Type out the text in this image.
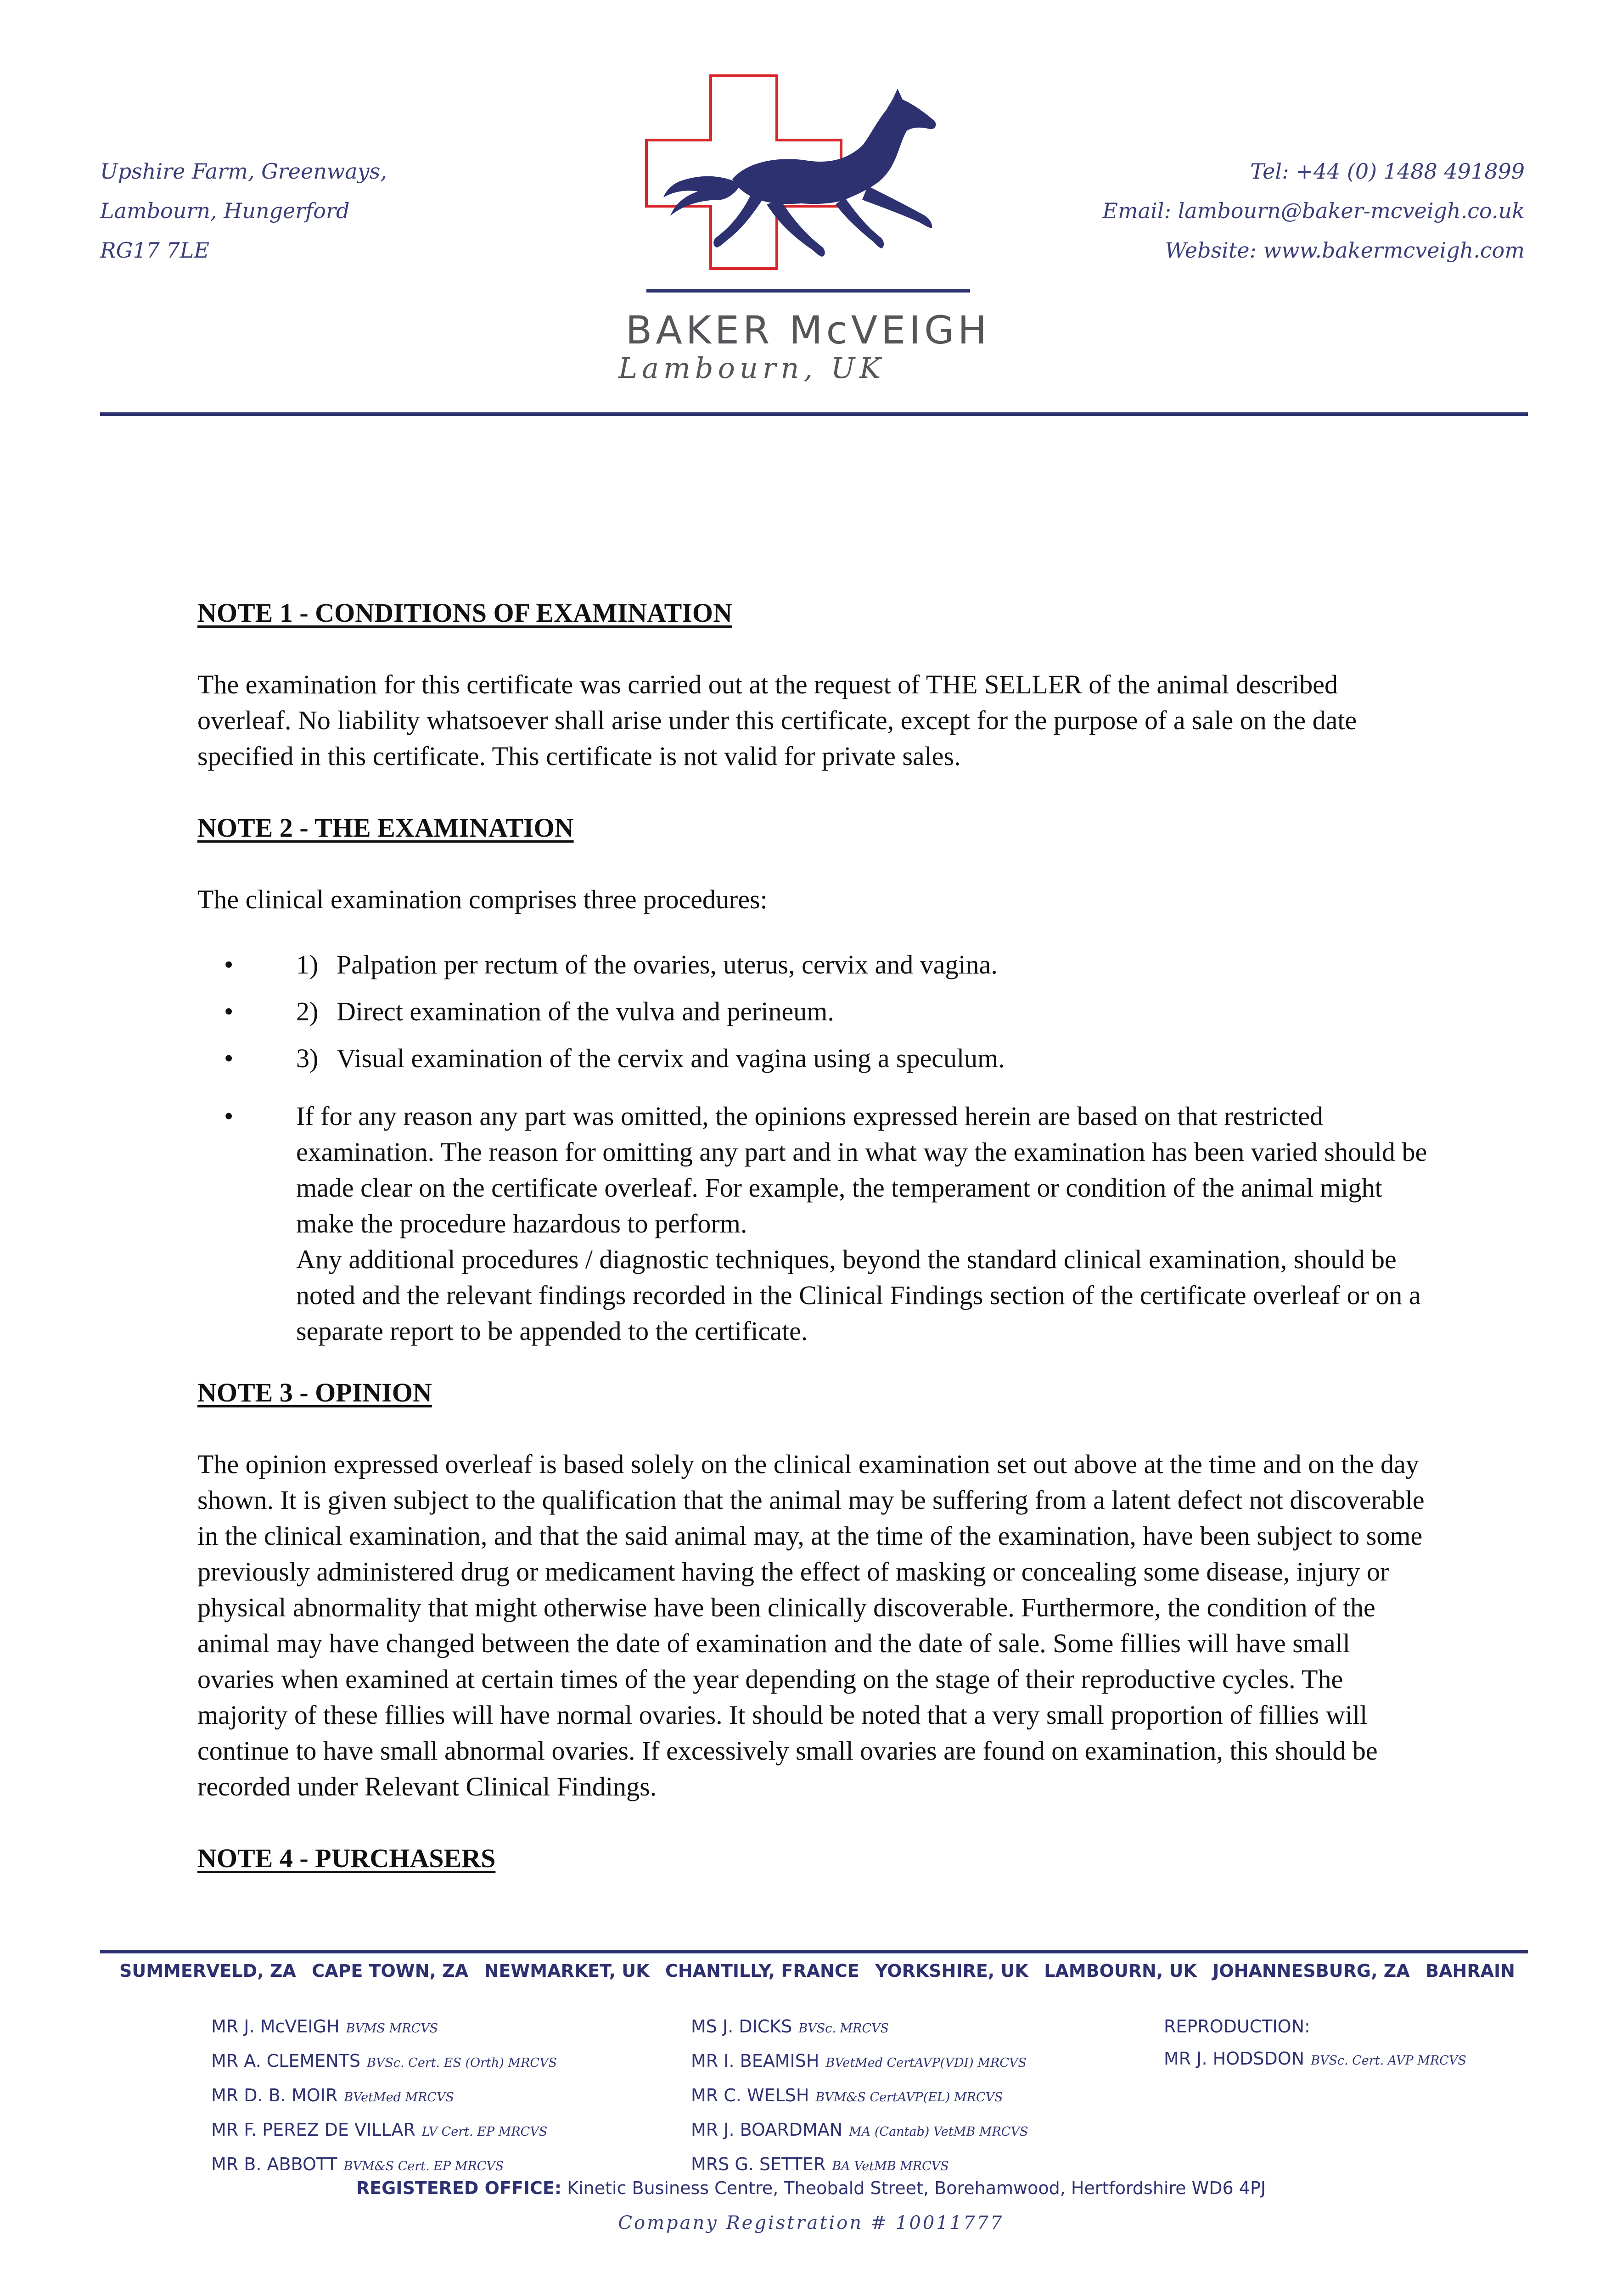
Upshire Farm, Greenways,
Lambourn, Hungerford
RG17 7LE
BAKER McVEIGH
Lambourn, UK
Tel: +44 (0) 1488 491899
Email: lambourn@baker-mcveigh.co.uk
Website: www.bakermcveigh.com
NOTE 1 - CONDITIONS OF EXAMINATION

The examination for this certificate was carried out at the request of THE SELLER of the animal described overleaf. No liability whatsoever shall arise under this certificate, except for the purpose of a sale on the date specified in this certificate. This certificate is not valid for private sales.

NOTE 2 - THE EXAMINATION

The clinical examination comprises three procedures:

• 1) Palpation per rectum of the ovaries, uterus, cervix and vagina.
• 2) Direct examination of the vulva and perineum.
• 3) Visual examination of the cervix and vagina using a speculum.
• If for any reason any part was omitted, the opinions expressed herein are based on that restricted examination. The reason for omitting any part and in what way the examination has been varied should be made clear on the certificate overleaf. For example, the temperament or condition of the animal might make the procedure hazardous to perform.
Any additional procedures / diagnostic techniques, beyond the standard clinical examination, should be noted and the relevant findings recorded in the Clinical Findings section of the certificate overleaf or on a separate report to be appended to the certificate.
NOTE 3 - OPINION

The opinion expressed overleaf is based solely on the clinical examination set out above at the time and on the day shown. It is given subject to the qualification that the animal may be suffering from a latent defect not discoverable in the clinical examination, and that the said animal may, at the time of the examination, have been subject to some previously administered drug or medicament having the effect of masking or concealing some disease, injury or physical abnormality that might otherwise have been clinically discoverable. Furthermore, the condition of the animal may have changed between the date of examination and the date of sale. Some fillies will have small ovaries when examined at certain times of the year depending on the stage of their reproductive cycles. The majority of these fillies will have normal ovaries. It should be noted that a very small proportion of fillies will continue to have small abnormal ovaries. If excessively small ovaries are found on examination, this should be recorded under Relevant Clinical Findings.

NOTE 4 - PURCHASERS
SUMMERVELD, ZA CAPE TOWN, ZA NEWMARKET, UK CHANTILLY, FRANCE YORKSHIRE, UK LAMBOURN, UK JOHANNESBURG, ZA BAHRAIN
MR J. McVEIGH BVMS MRCVS
MR A. CLEMENTS BVSc. Cert. ES (Orth) MRCVS
MR D. B. MOIR BVetMed MRCVS
MR F. PEREZ DE VILLAR LV Cert. EP MRCVS
MR B. ABBOTT BVM&S Cert. EP MRCVS
MS J. DICKS BVSc. MRCVS
MR I. BEAMISH BVetMed CertAVP(VDI) MRCVS
MR C. WELSH BVM&S CertAVP(EL) MRCVS
MR J. BOARDMAN MA (Cantab) VetMB MRCVS
MRS G. SETTER BA VetMB MRCVS
REPRODUCTION:
MR J. HODSDON BVSc. Cert. AVP MRCVS
REGISTERED OFFICE: Kinetic Business Centre, Theobald Street, Borehamwood, Hertfordshire WD6 4PJ
Company Registration # 10011777
